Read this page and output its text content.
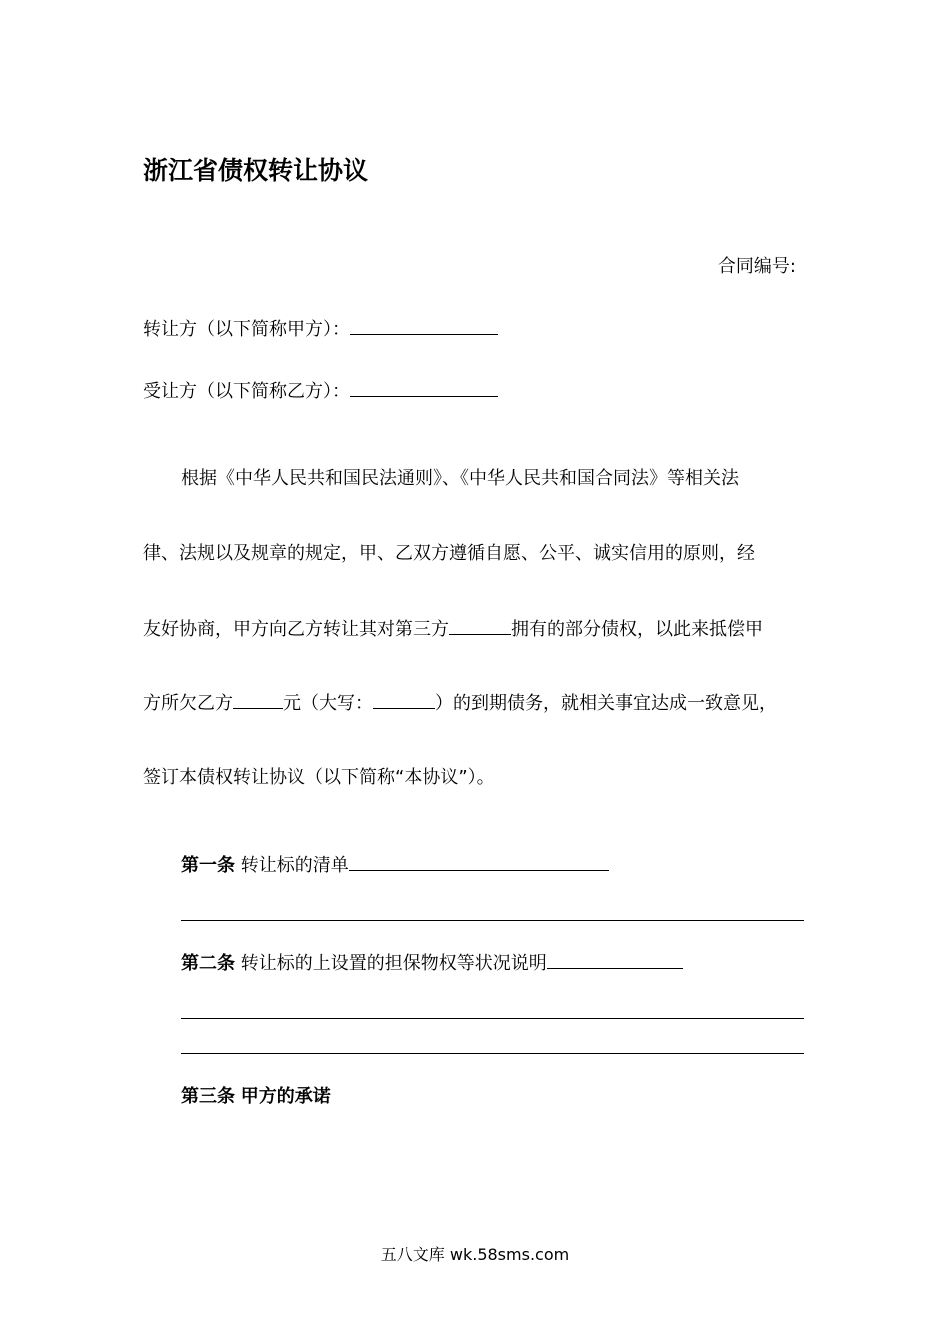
浙江省债权转让协议
合同编号:
转让方（以下简称甲方）：
受让方（以下简称乙方）：
根据《中华人民共和国民法通则》、《中华人民共和国合同法》等相关法
律、法规以及规章的规定，甲、乙双方遵循自愿、公平、诚实信用的原则，经
友好协商，甲方向乙方转让其对第三方	拥有的部分债权，以此来抵偿甲
方所欠乙方	元（大写：	）的到期债务，就相关事宜达成一致意见，
签订本债权转让协议（以下简称“本协议”）。
第一条 转让标的清单
第二条 转让标的上设置的担保物权等状况说明
第三条 甲方的承诺
五八文库 wk.58sms.com
